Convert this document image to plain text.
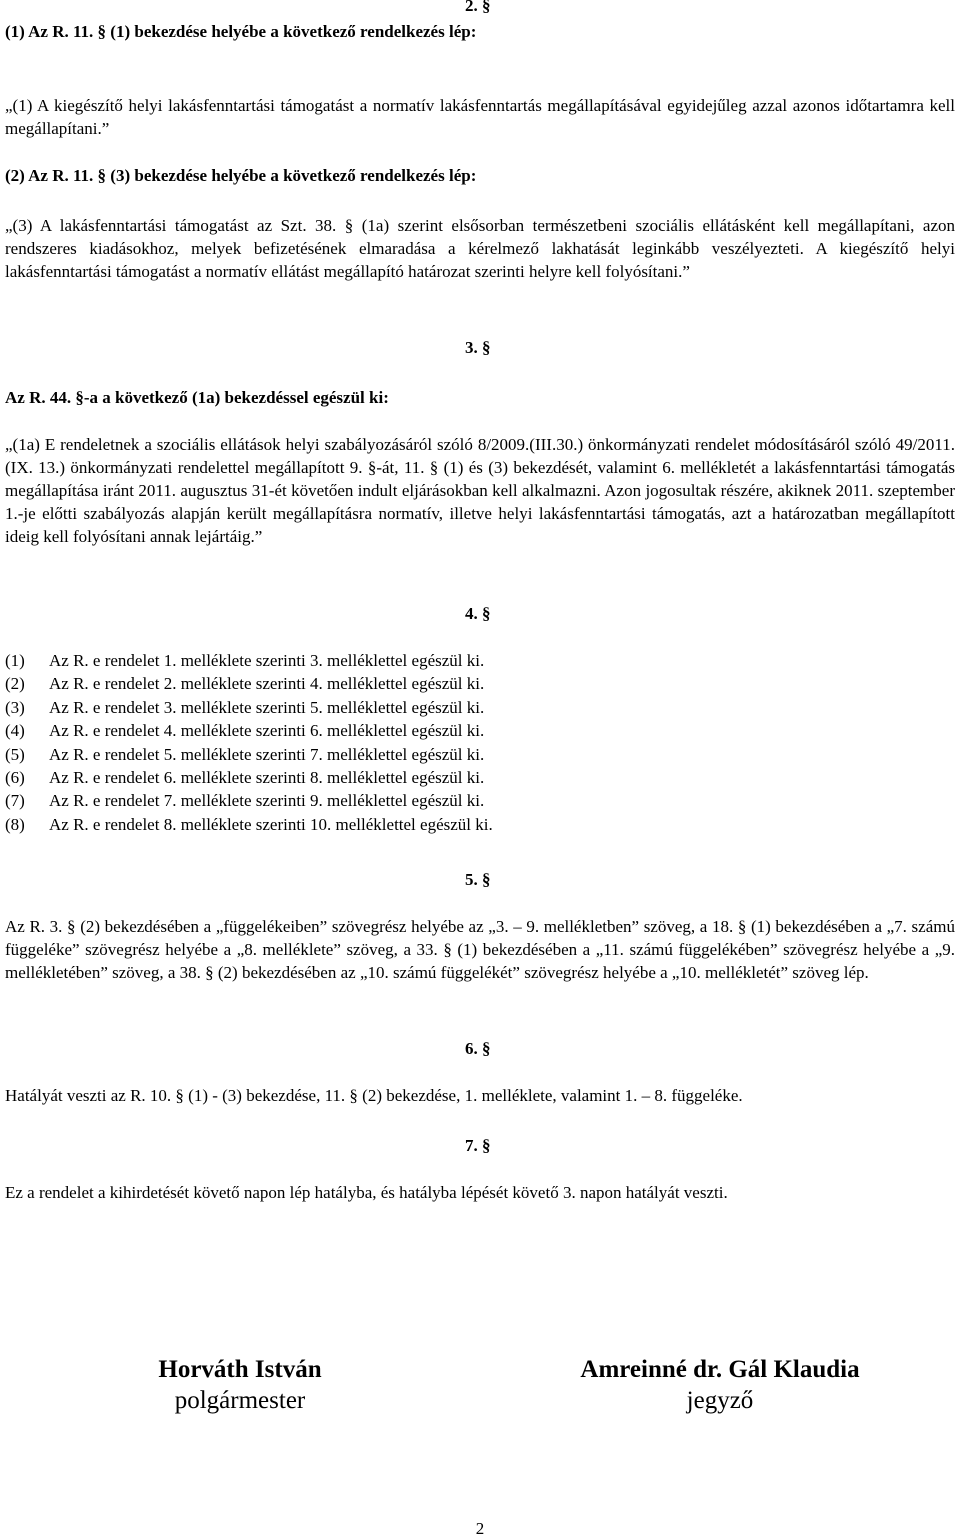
2. §

(1) Az R. 11. § (1) bekezdése helyébe a következő rendelkezés lép:

„(1) A kiegészítő helyi lakásfenntartási támogatást a normatív lakásfenntartás megállapításával egyidejűleg azzal azonos időtartamra kell megállapítani.”

(2) Az R. 11. § (3) bekezdése helyébe a következő rendelkezés lép:

„(3) A lakásfenntartási támogatást az Szt. 38. § (1a) szerint elsősorban természetbeni szociális ellátásként kell megállapítani, azon rendszeres kiadásokhoz, melyek befizetésének elmaradása a kérelmező lakhatását leginkább veszélyezteti. A kiegészítő helyi lakásfenntartási támogatást a normatív ellátást megállapító határozat szerinti helyre kell folyósítani.”

3. §

Az R. 44. §-a a következő (1a) bekezdéssel egészül ki:

„(1a) E rendeletnek a szociális ellátások helyi szabályozásáról szóló 8/2009.(III.30.) önkormányzati rendelet módosításáról szóló 49/2011. (IX. 13.) önkormányzati rendelettel megállapított 9. §-át, 11. § (1) és (3) bekezdését, valamint 6. mellékletét a lakásfenntartási támogatás megállapítása iránt 2011. augusztus 31-ét követően indult eljárásokban kell alkalmazni. Azon jogosultak részére, akiknek 2011. szeptember 1.-je előtti szabályozás alapján került megállapításra normatív, illetve helyi lakásfenntartási támogatás, azt a határozatban megállapított ideig kell folyósítani annak lejártáig.”

4. §
(1) Az R. e rendelet 1. melléklete szerinti 3. melléklettel egészül ki.
(2) Az R. e rendelet 2. melléklete szerinti 4. melléklettel egészül ki.
(3) Az R. e rendelet 3. melléklete szerinti 5. melléklettel egészül ki.
(4) Az R. e rendelet 4. melléklete szerinti 6. melléklettel egészül ki.
(5) Az R. e rendelet 5. melléklete szerinti 7. melléklettel egészül ki.
(6) Az R. e rendelet 6. melléklete szerinti 8. melléklettel egészül ki.
(7) Az R. e rendelet 7. melléklete szerinti 9. melléklettel egészül ki.
(8) Az R. e rendelet 8. melléklete szerinti 10. melléklettel egészül ki.
5. §

Az R. 3. § (2) bekezdésében a „függelékeiben” szövegrész helyébe az „3. – 9. mellékletben” szöveg, a 18. § (1) bekezdésében a „7. számú függeléke” szövegrész helyébe a „8. melléklete” szöveg, a 33. § (1) bekezdésében a „11. számú függelékében” szövegrész helyébe a „9. mellékletében” szöveg, a 38. § (2) bekezdésében az „10. számú függelékét” szövegrész helyébe a „10. mellékletét” szöveg lép.

6. §

Hatályát veszti az R. 10. § (1) - (3) bekezdése, 11. § (2) bekezdése, 1. melléklete, valamint 1. – 8. függeléke.

7. §

Ez a rendelet a kihirdetését követő napon lép hatályba, és hatályba lépését követő 3. napon hatályát veszti.

Horváth István
polgármester
Amreinné dr. Gál Klaudia
jegyző
2
